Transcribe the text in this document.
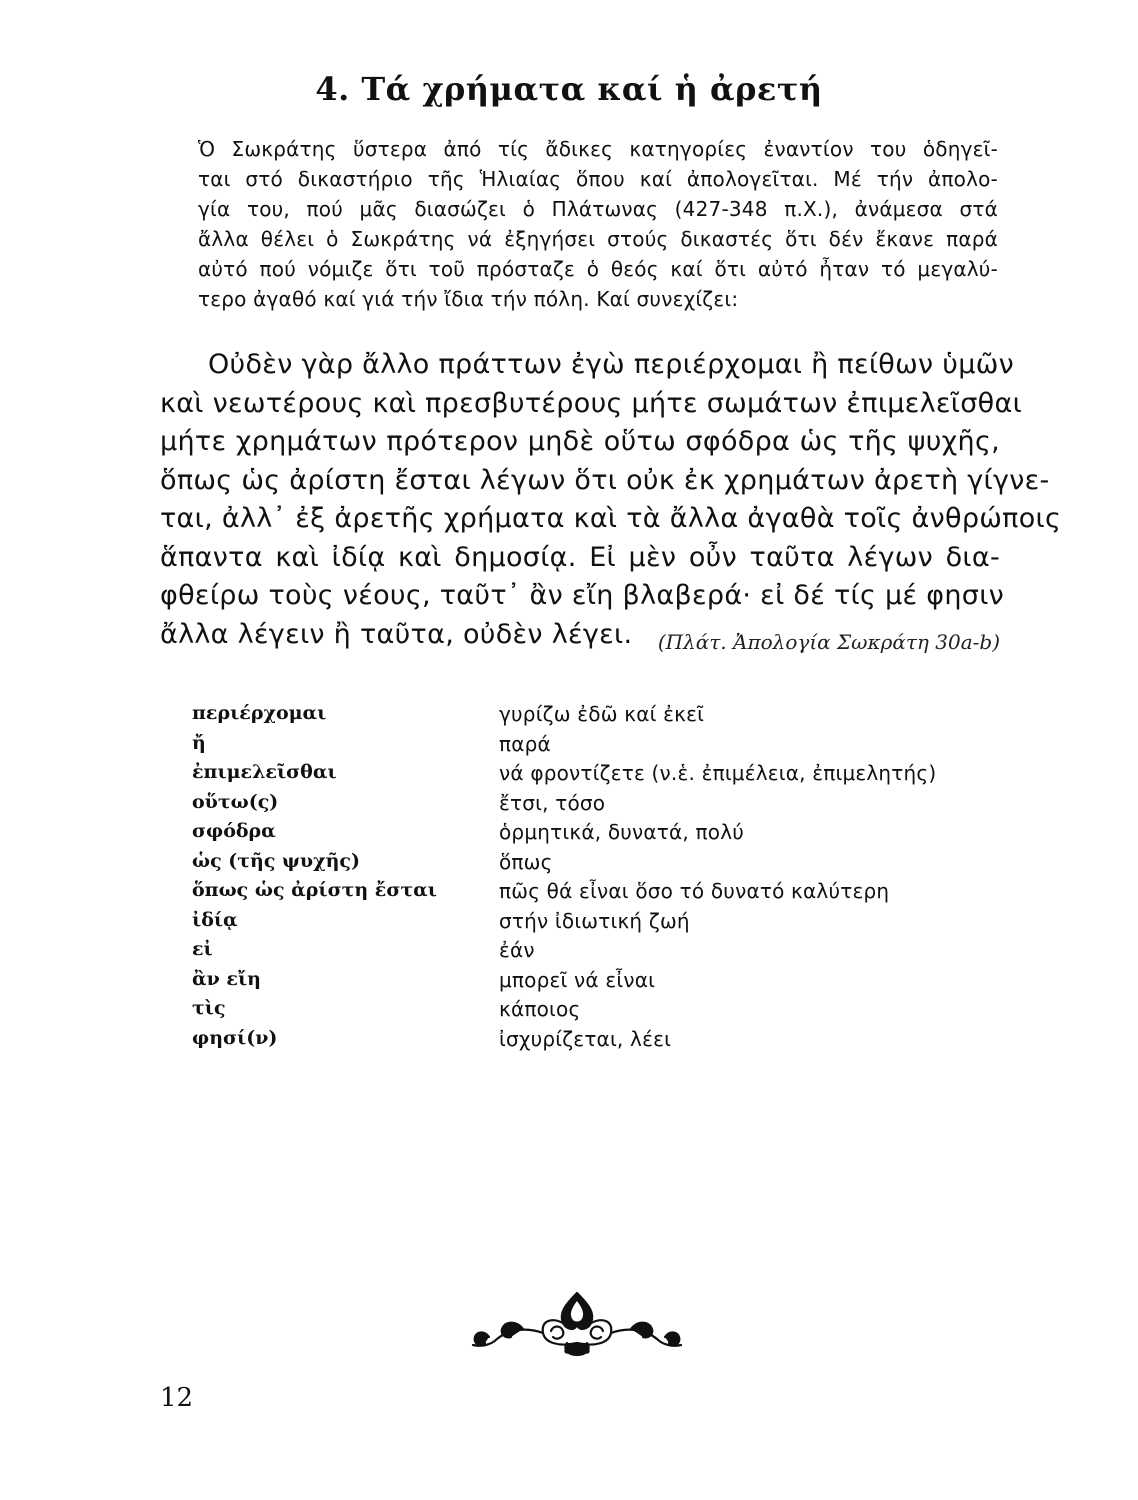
4. Τά χρήματα καί ἡ ἀρετή
Ὁ Σωκράτης ὕστερα ἀπό τίς ἄδικες κατηγορίες ἐναντίον του ὁδηγεῖ-
ται στό δικαστήριο τῆς Ἡλιαίας ὅπου καί ἀπολογεῖται. Μέ τήν ἀπολο-
γία του, πού μᾶς διασώζει ὁ Πλάτωνας (427-348 π.Χ.), ἀνάμεσα στά
ἄλλα θέλει ὁ Σωκράτης νά ἐξηγήσει στούς δικαστές ὅτι δέν ἔκανε παρά
αὐτό πού νόμιζε ὅτι τοῦ πρόσταζε ὁ θεός καί ὅτι αὐτό ἦταν τό μεγαλύ-
τερο ἀγαθό καί γιά τήν ἴδια τήν πόλη. Καί συνεχίζει:
Οὐδὲν γὰρ ἄλλο πράττων ἐγὼ περιέρχομαι ἢ πείθων ὑμῶν
καὶ νεωτέρους καὶ πρεσβυτέρους μήτε σωμάτων ἐπιμελεῖσθαι
μήτε χρημάτων πρότερον μηδὲ οὕτω σφόδρα ὡς τῆς ψυχῆς,
ὅπως ὡς ἀρίστη ἔσται λέγων ὅτι οὐκ ἐκ χρημάτων ἀρετὴ γίγνε-
ται, ἀλλ᾽ ἐξ ἀρετῆς χρήματα καὶ τὰ ἄλλα ἀγαθὰ τοῖς ἀνθρώποις
ἅπαντα καὶ ἰδίᾳ καὶ δημοσίᾳ. Εἰ μὲν οὖν ταῦτα λέγων δια-
φθείρω τοὺς νέους, ταῦτ᾽ ἂν εἴη βλαβερά· εἰ δέ τίς μέ φησιν
ἄλλα λέγειν ἢ ταῦτα, οὐδὲν λέγει.	(Πλάτ. Ἀπολογία Σωκράτη 30a-b)
περιέρχομαι	γυρίζω ἐδῶ καί ἐκεῖ
ἤ	παρά
ἐπιμελεῖσθαι	νά φροντίζετε (ν.ἑ. ἐπιμέλεια, ἐπιμελητής)
οὕτω(ς)	ἔτσι, τόσο
σφόδρα	ὁρμητικά, δυνατά, πολύ
ὡς (τῆς ψυχῆς)	ὅπως
ὅπως ὡς ἀρίστη ἔσται	πῶς θά εἶναι ὅσο τό δυνατό καλύτερη
ἰδίᾳ	στήν ἰδιωτική ζωή
εἰ	ἐάν
ἂν εἴη	μπορεῖ νά εἶναι
τὶς	κάποιος
φησί(ν)	ἰσχυρίζεται, λέει
12
